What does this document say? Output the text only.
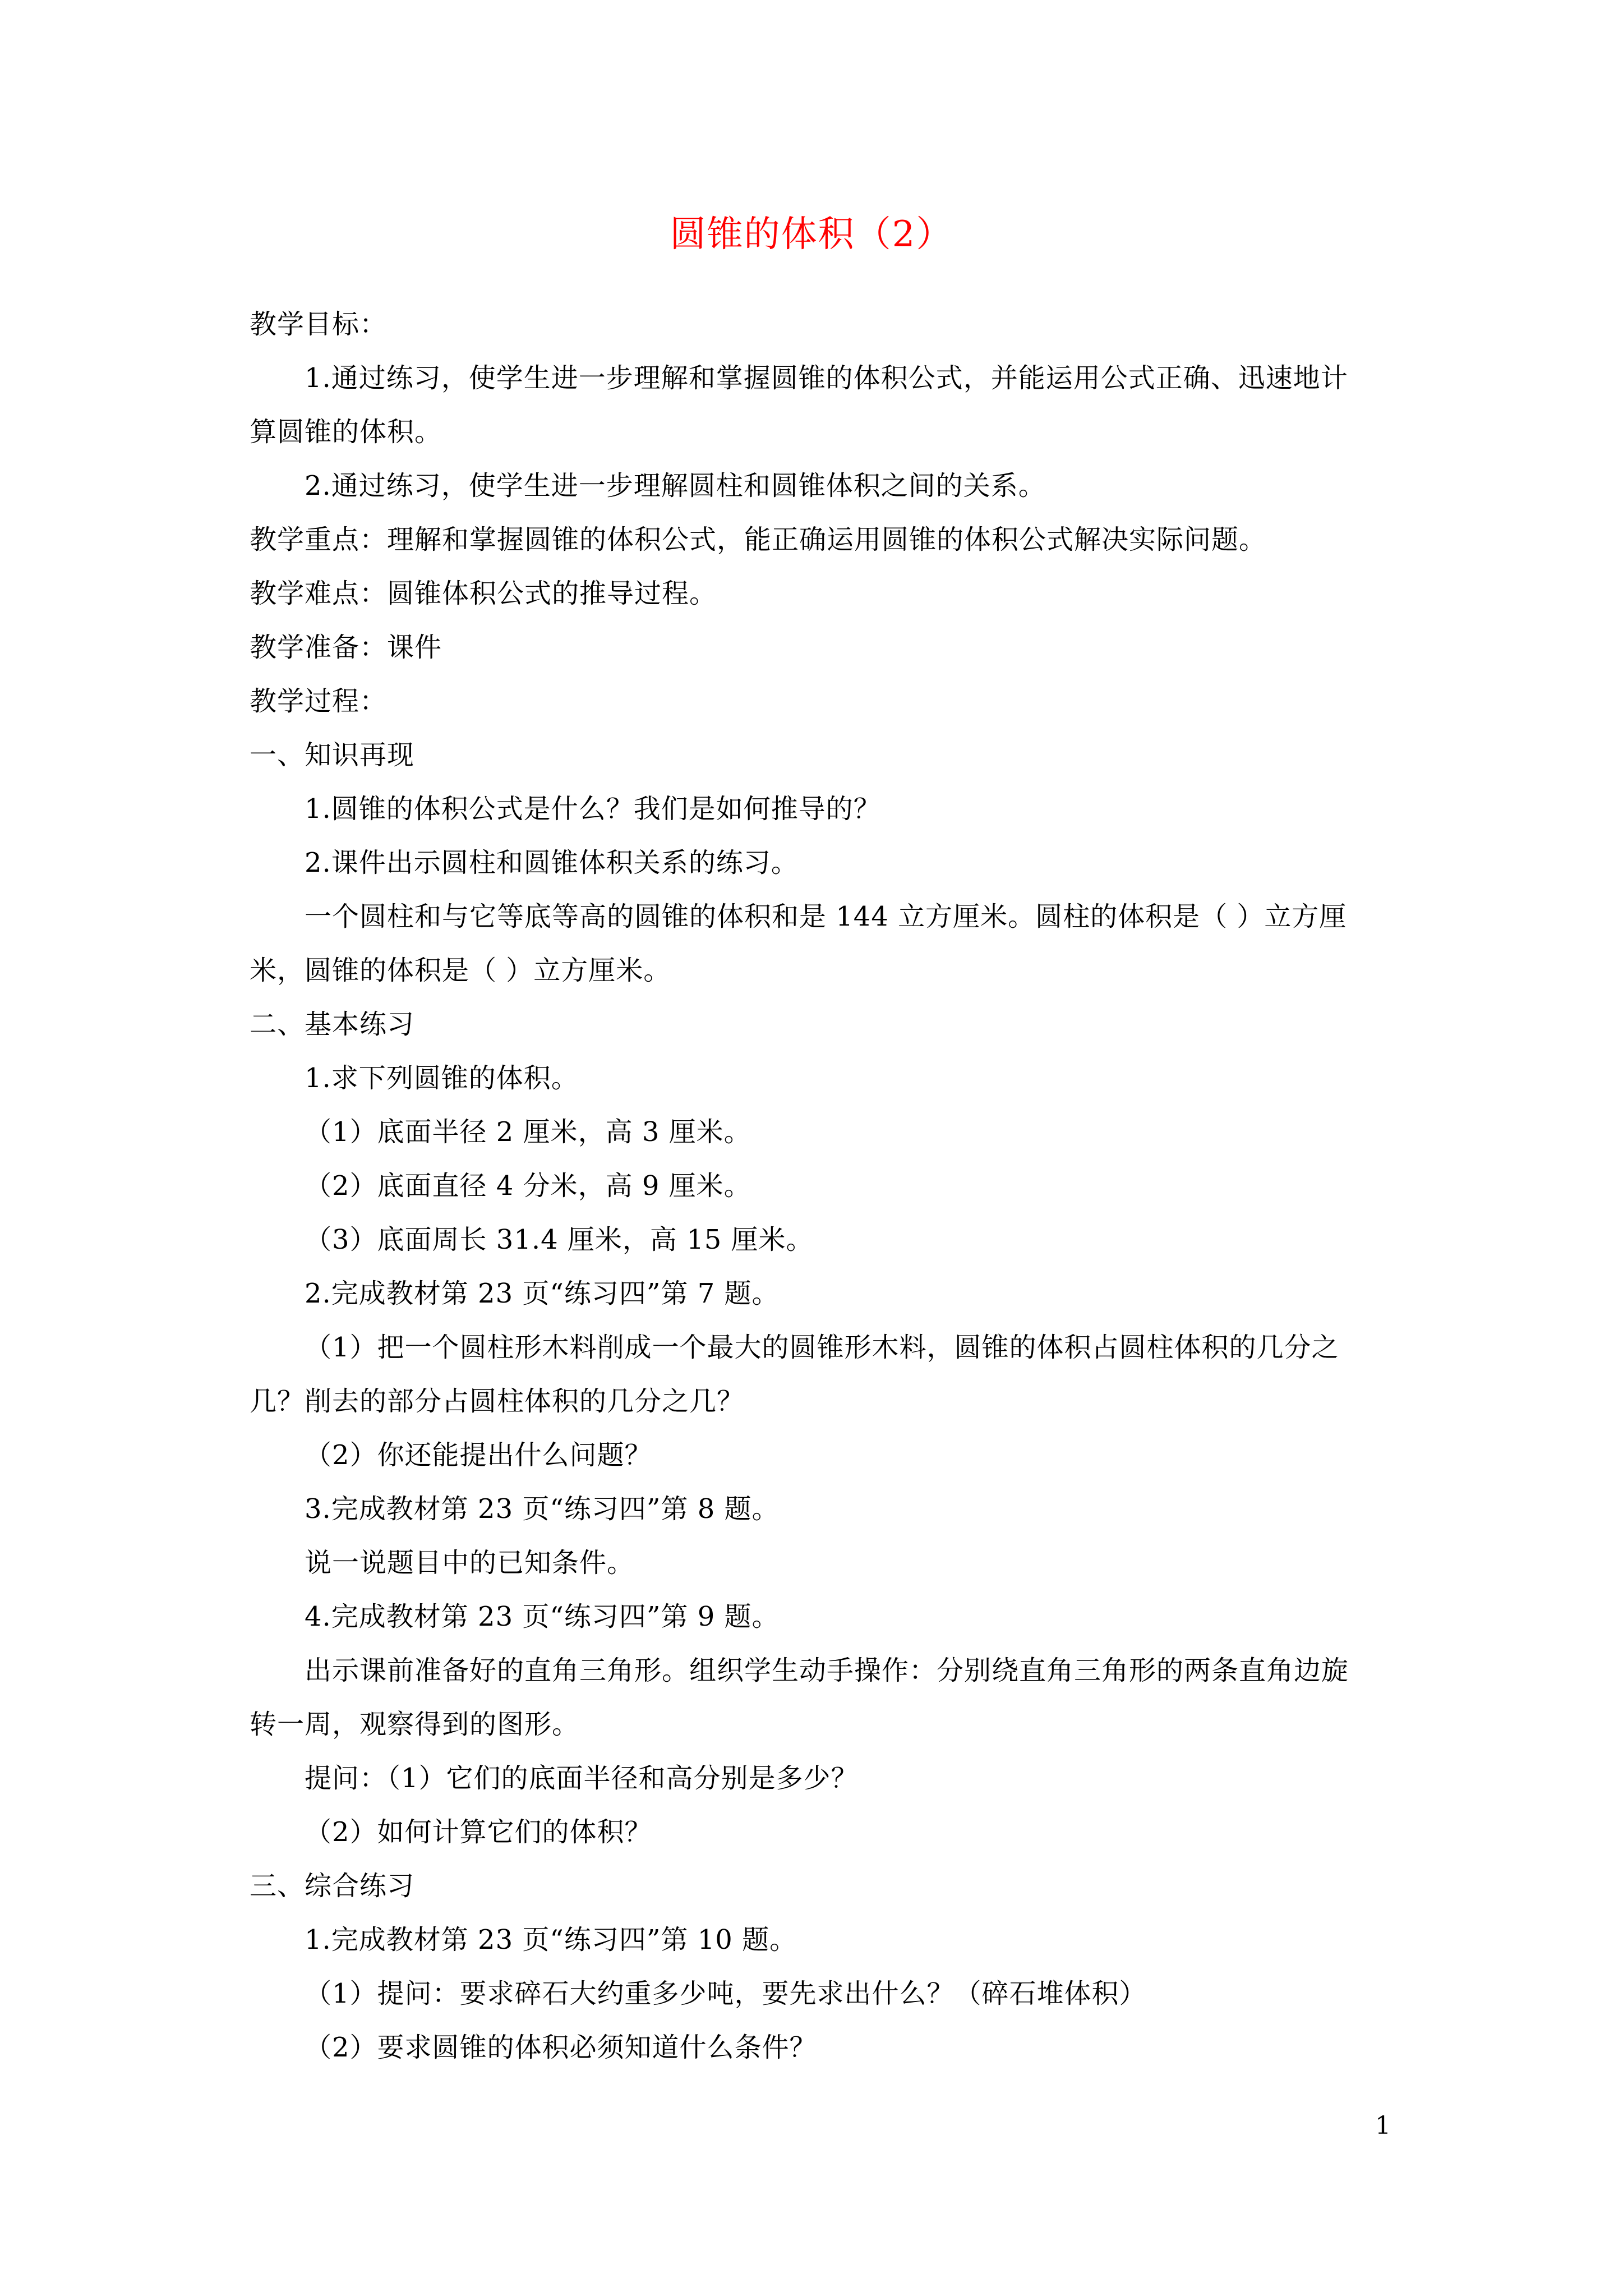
圆锥的体积（2）
教学目标：
1.通过练习，使学生进一步理解和掌握圆锥的体积公式，并能运用公式正确、迅速地计
算圆锥的体积。
2.通过练习，使学生进一步理解圆柱和圆锥体积之间的关系。
教学重点：理解和掌握圆锥的体积公式，能正确运用圆锥的体积公式解决实际问题。
教学难点：圆锥体积公式的推导过程。
教学准备：课件
教学过程：
一、知识再现
1.圆锥的体积公式是什么？我们是如何推导的？
2.课件出示圆柱和圆锥体积关系的练习。
一个圆柱和与它等底等高的圆锥的体积和是 144 立方厘米。圆柱的体积是（ ）立方厘
米，圆锥的体积是（ ）立方厘米。
二、基本练习
1.求下列圆锥的体积。
（1）底面半径 2 厘米，高 3 厘米。
（2）底面直径 4 分米，高 9 厘米。
（3）底面周长 31.4 厘米，高 15 厘米。
2.完成教材第 23 页“练习四”第 7 题。
（1）把一个圆柱形木料削成一个最大的圆锥形木料，圆锥的体积占圆柱体积的几分之
几？削去的部分占圆柱体积的几分之几？
（2）你还能提出什么问题？
3.完成教材第 23 页“练习四”第 8 题。
说一说题目中的已知条件。
4.完成教材第 23 页“练习四”第 9 题。
出示课前准备好的直角三角形。组织学生动手操作：分别绕直角三角形的两条直角边旋
转一周，观察得到的图形。
提问：（1）它们的底面半径和高分别是多少？
（2）如何计算它们的体积？
三、综合练习
1.完成教材第 23 页“练习四”第 10 题。
（1）提问：要求碎石大约重多少吨，要先求出什么？（碎石堆体积）
（2）要求圆锥的体积必须知道什么条件？
1
